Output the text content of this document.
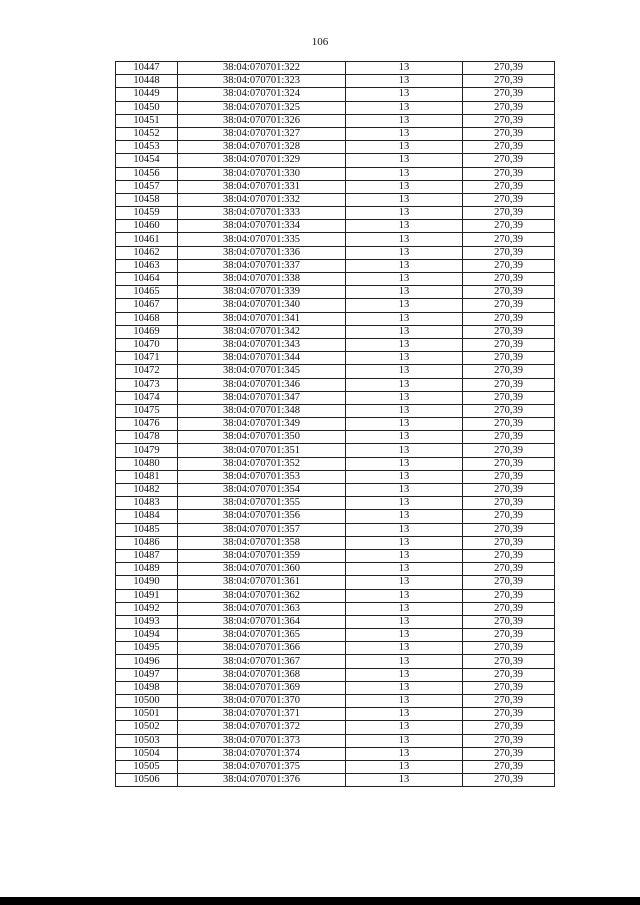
106
10447	38:04:070701:322	13	270,39
10448	38:04:070701:323	13	270,39
10449	38:04:070701:324	13	270,39
10450	38:04:070701:325	13	270,39
10451	38:04:070701:326	13	270,39
10452	38:04:070701:327	13	270,39
10453	38:04:070701:328	13	270,39
10454	38:04:070701:329	13	270,39
10456	38:04:070701:330	13	270,39
10457	38:04:070701:331	13	270,39
10458	38:04:070701:332	13	270,39
10459	38:04:070701:333	13	270,39
10460	38:04:070701:334	13	270,39
10461	38:04:070701:335	13	270,39
10462	38:04:070701:336	13	270,39
10463	38:04:070701:337	13	270,39
10464	38:04:070701:338	13	270,39
10465	38:04:070701:339	13	270,39
10467	38:04:070701:340	13	270,39
10468	38:04:070701:341	13	270,39
10469	38:04:070701:342	13	270,39
10470	38:04:070701:343	13	270,39
10471	38:04:070701:344	13	270,39
10472	38:04:070701:345	13	270,39
10473	38:04:070701:346	13	270,39
10474	38:04:070701:347	13	270,39
10475	38:04:070701:348	13	270,39
10476	38:04:070701:349	13	270,39
10478	38:04:070701:350	13	270,39
10479	38:04:070701:351	13	270,39
10480	38:04:070701:352	13	270,39
10481	38:04:070701:353	13	270,39
10482	38:04:070701:354	13	270,39
10483	38:04:070701:355	13	270,39
10484	38:04:070701:356	13	270,39
10485	38:04:070701:357	13	270,39
10486	38:04:070701:358	13	270,39
10487	38:04:070701:359	13	270,39
10489	38:04:070701:360	13	270,39
10490	38:04:070701:361	13	270,39
10491	38:04:070701:362	13	270,39
10492	38:04:070701:363	13	270,39
10493	38:04:070701:364	13	270,39
10494	38:04:070701:365	13	270,39
10495	38:04:070701:366	13	270,39
10496	38:04:070701:367	13	270,39
10497	38:04:070701:368	13	270,39
10498	38:04:070701:369	13	270,39
10500	38:04:070701:370	13	270,39
10501	38:04:070701:371	13	270,39
10502	38:04:070701:372	13	270,39
10503	38:04:070701:373	13	270,39
10504	38:04:070701:374	13	270,39
10505	38:04:070701:375	13	270,39
10506	38:04:070701:376	13	270,39
